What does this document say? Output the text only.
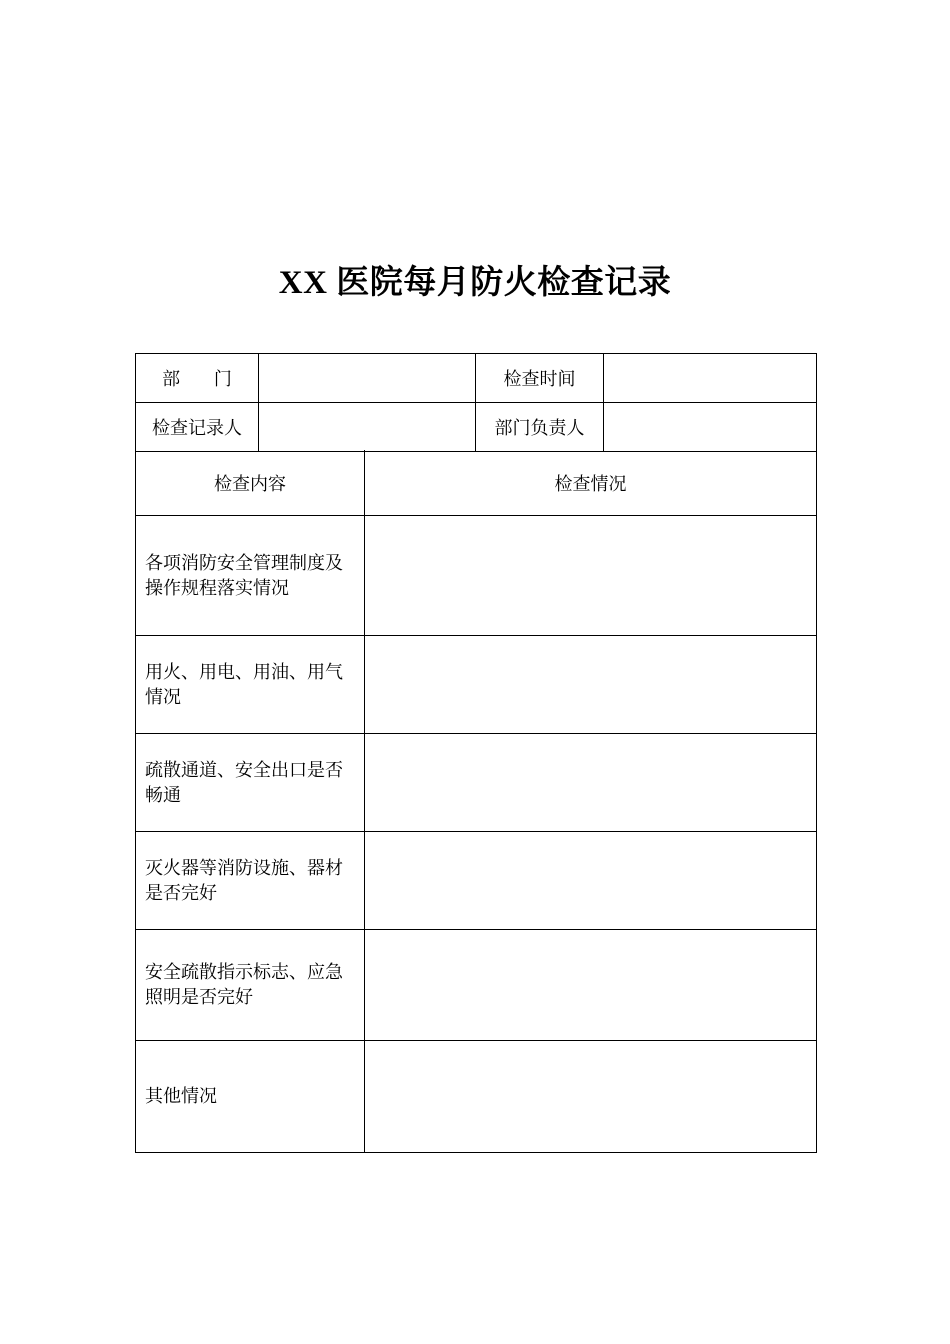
XX 医院每月防火检查记录
部 门		检查时间	
检查记录人		部门负责人	
检查内容	检查情况
各项消防安全管理制度及操作规程落实情况	
用火、用电、用油、用气情况	
疏散通道、安全出口是否畅通	
灭火器等消防设施、器材是否完好	
安全疏散指示标志、应急照明是否完好	
其他情况	
